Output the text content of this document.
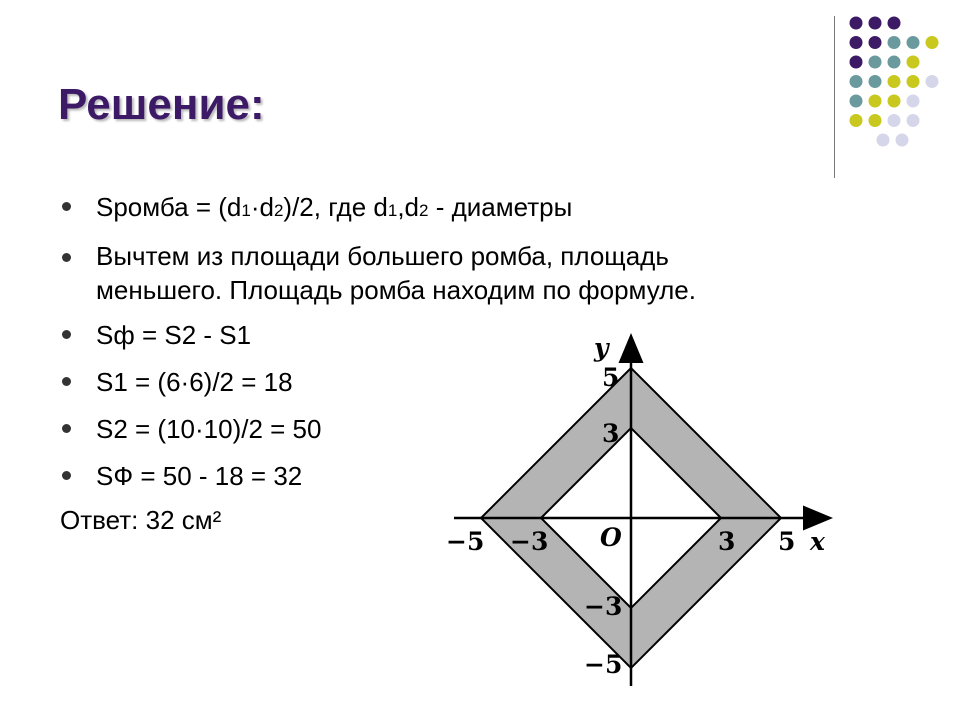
Решение:
Sромба = (d1·d2)/2, где d1,d2 - диаметры
Вычтем из площади большего ромба, площадь
меньшего. Площадь ромба находим по формуле.
Sф = S2 - S1
S1 = (6·6)/2 = 18
S2 = (10·10)/2 = 50
SФ = 50 - 18 = 32
Ответ: 32 см²
x
y
O
−5 −3	3 5
5
3
−3
−5
